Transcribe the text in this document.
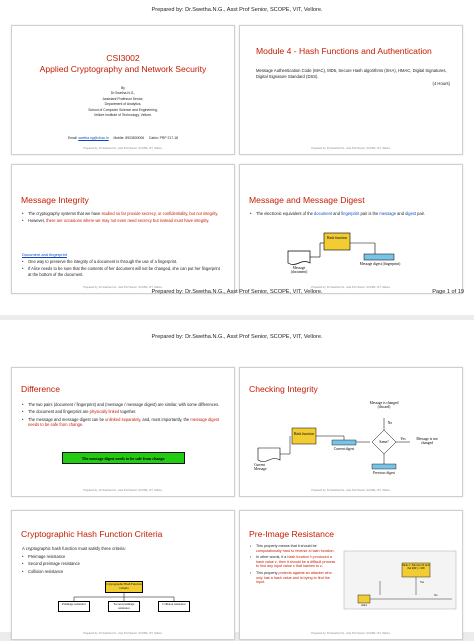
Prepared by: Dr.Swetha.N.G., Asst Prof Senior, SCOPE, VIT, Vellore.
CSI3002
Applied Cryptography and Network Security
By
Dr.Swetha.N.G.,
Assistant Professor Senior,
Department of Analytics,
School of Computer Science and Engineering,
Vellore Institute of Technology, Vellore.
Email: swetha.ng@vit.ac.in Mobile: 8903500006 Cabin: PRP 217-18
Prepared by: Dr.Swetha.N.G., Asst Prof Senior, SCOPE, VIT, Vellore.
Module 4 - Hash Functions and Authentication
Message Authentication Code (MAC), MD5, Secure Hash algorithms (SHA), HMAC, Digital Signatures, Digital Signature Standard (DSS).
(4 Hours)
Prepared by: Dr.Swetha.N.G., Asst Prof Senior, SCOPE, VIT, Vellore.
Message Integrity
• The cryptography systems that we have studied so far provide secrecy, or confidentiality, but not integrity.
• However, there are occasions where we may not even need secrecy but instead must have integrity.
Document and fingerprint
• One way to preserve the integrity of a document is through the use of a fingerprint.
• If Alice needs to be sure that the contents of her document will not be changed, she can put her fingerprint at the bottom of the document.
Prepared by: Dr.Swetha.N.G., Asst Prof Senior, SCOPE, VIT, Vellore.
Message and Message Digest
• The electronic equivalent of the document and fingerprint pair is the message and digest pair.
Hash function
Message (document)
Message digest (fingerprint)
Prepared by: Dr.Swetha.N.G., Asst Prof Senior, SCOPE, VIT, Vellore.
Prepared by: Dr.Swetha.N.G., Asst Prof Senior, SCOPE, VIT, Vellore.	Page 1 of 19
Prepared by: Dr.Swetha.N.G., Asst Prof Senior, SCOPE, VIT, Vellore.
Difference
• The two pairs (document / fingerprint) and (message / message digest) are similar, with some differences.
• The document and fingerprint are physically linked together.
• The message and message digest can be unlinked separately, and, most importantly, the message digest needs to be safe from change.
The message digest needs to be safe from change.
Prepared by: Dr.Swetha.N.G., Asst Prof Senior, SCOPE, VIT, Vellore.
Checking Integrity
Message is changed (discard)
Hash function
Current digest
Same?
Yes
No
Message is not changed
Previous digest
Current Message
Prepared by: Dr.Swetha.N.G., Asst Prof Senior, SCOPE, VIT, Vellore.
Cryptographic Hash Function Criteria
A cryptographic hash function must satisfy three criteria:
• Preimage resistance
• Second preimage resistance
• Collision resistance
Cryptographic Hash Function Criteria
Preimage resistance	Second preimage resistance
Collision resistance
Prepared by: Dr.Swetha.N.G., Asst Prof Senior, SCOPE, VIT, Vellore.
Pre-Image Resistance
• This property means that it should be computationally hard to reverse a hash function.
• In other words, if a hash function h produced a hash value z, then it should be a difficult process to find any input value x that hashes to z.
• This property protects against an attacker who only has a hash value and is trying to find the input.
Mode 1: Find any M' such that h(M') = MD
Alice
Yes
No
Prepared by: Dr.Swetha.N.G., Asst Prof Senior, SCOPE, VIT, Vellore.
